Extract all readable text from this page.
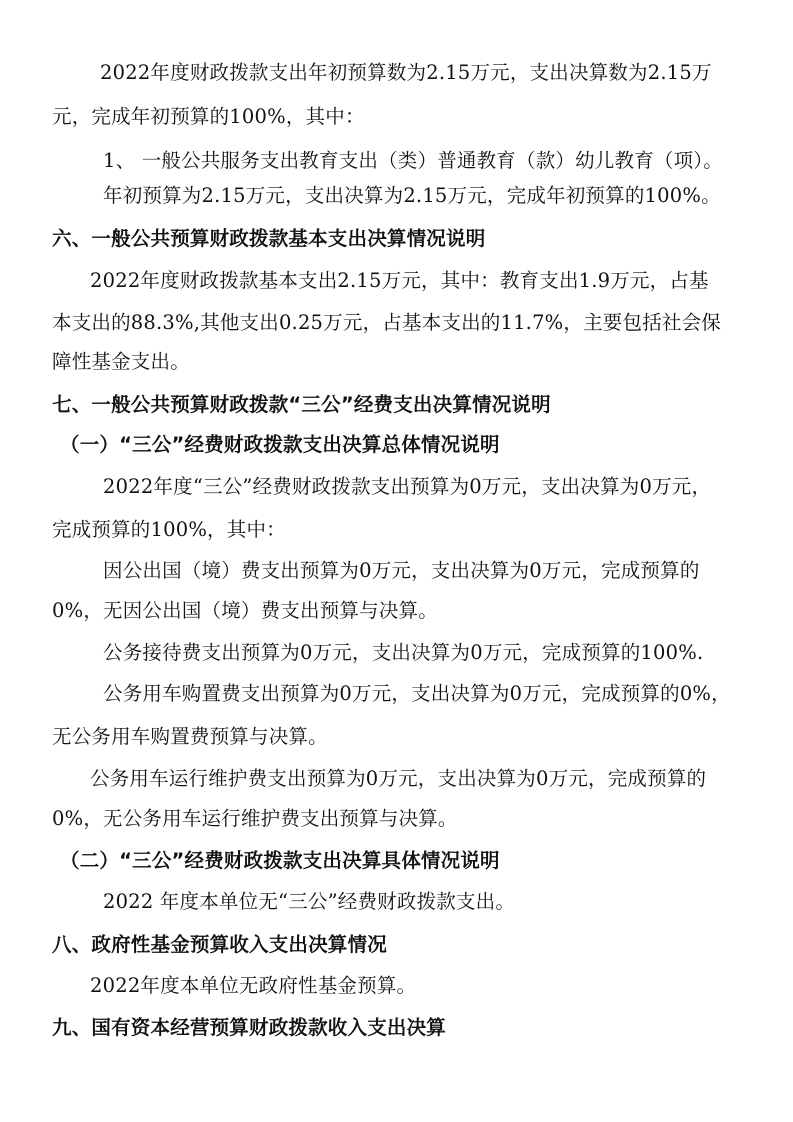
2022年度财政拨款支出年初预算数为2.15万元，支出决算数为2.15万
元，完成年初预算的100%，其中：
1、 一般公共服务支出教育支出（类）普通教育（款）幼儿教育（项）。
年初预算为2.15万元，支出决算为2.15万元，完成年初预算的100%。
六、一般公共预算财政拨款基本支出决算情况说明
2022年度财政拨款基本支出2.15万元，其中：教育支出1.9万元，占基
本支出的88.3%,其他支出0.25万元，占基本支出的11.7%，主要包括社会保
障性基金支出。
七、一般公共预算财政拨款“三公”经费支出决算情况说明
（一）“三公”经费财政拨款支出决算总体情况说明
2022年度“三公”经费财政拨款支出预算为0万元，支出决算为0万元，
完成预算的100%，其中：
因公出国（境）费支出预算为0万元，支出决算为0万元，完成预算的
0%，无因公出国（境）费支出预算与决算。
公务接待费支出预算为0万元，支出决算为0万元，完成预算的100%.
公务用车购置费支出预算为0万元，支出决算为0万元，完成预算的0%，
无公务用车购置费预算与决算。
公务用车运行维护费支出预算为0万元，支出决算为0万元，完成预算的
0%，无公务用车运行维护费支出预算与决算。
（二）“三公”经费财政拨款支出决算具体情况说明
2022 年度本单位无“三公”经费财政拨款支出。
八、政府性基金预算收入支出决算情况
2022年度本单位无政府性基金预算。
九、国有资本经营预算财政拨款收入支出决算
